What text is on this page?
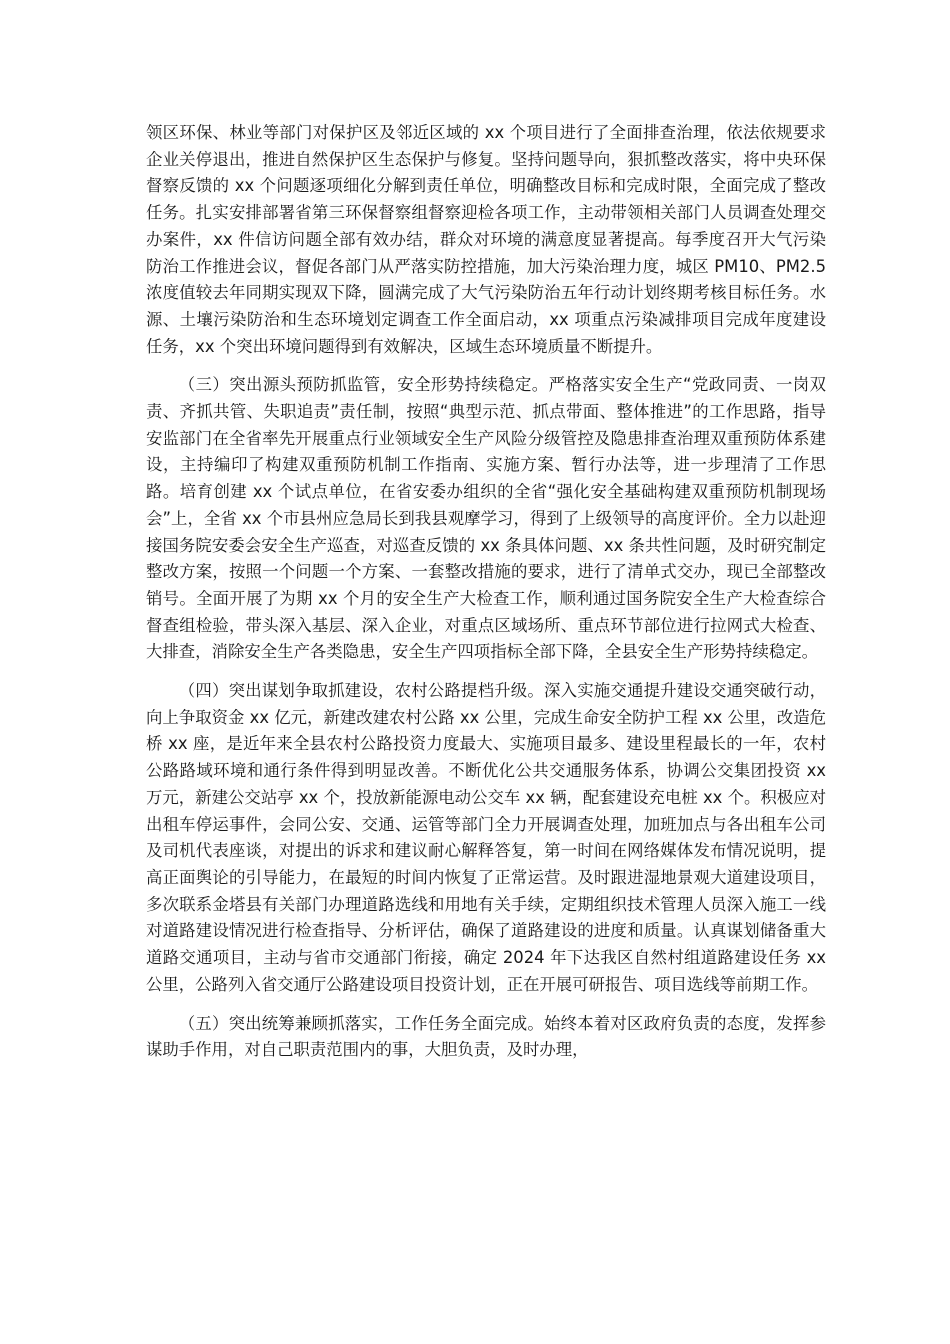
领区环保、林业等部门对保护区及邻近区域的 xx 个项目进行了全面排查治理，依法依规要求企业关停退出，推进自然保护区生态保护与修复。坚持问题导向，狠抓整改落实，将中央环保督察反馈的 xx 个问题逐项细化分解到责任单位，明确整改目标和完成时限，全面完成了整改任务。扎实安排部署省第三环保督察组督察迎检各项工作，主动带领相关部门人员调查处理交办案件，xx 件信访问题全部有效办结，群众对环境的满意度显著提高。每季度召开大气污染防治工作推进会议，督促各部门从严落实防控措施，加大污染治理力度，城区 PM10、PM2.5 浓度值较去年同期实现双下降，圆满完成了大气污染防治五年行动计划终期考核目标任务。水源、土壤污染防治和生态环境划定调查工作全面启动，xx 项重点污染减排项目完成年度建设任务，xx 个突出环境问题得到有效解决，区域生态环境质量不断提升。

（三）突出源头预防抓监管，安全形势持续稳定。严格落实安全生产“党政同责、一岗双责、齐抓共管、失职追责”责任制，按照“典型示范、抓点带面、整体推进”的工作思路，指导安监部门在全省率先开展重点行业领域安全生产风险分级管控及隐患排查治理双重预防体系建设，主持编印了构建双重预防机制工作指南、实施方案、暂行办法等，进一步理清了工作思路。培育创建 xx 个试点单位，在省安委办组织的全省“强化安全基础构建双重预防机制现场会”上，全省 xx 个市县州应急局长到我县观摩学习，得到了上级领导的高度评价。全力以赴迎接国务院安委会安全生产巡查，对巡查反馈的 xx 条具体问题、xx 条共性问题，及时研究制定整改方案，按照一个问题一个方案、一套整改措施的要求，进行了清单式交办，现已全部整改销号。全面开展了为期 xx 个月的安全生产大检查工作，顺利通过国务院安全生产大检查综合督查组检验，带头深入基层、深入企业，对重点区域场所、重点环节部位进行拉网式大检查、大排查，消除安全生产各类隐患，安全生产四项指标全部下降，全县安全生产形势持续稳定。

（四）突出谋划争取抓建设，农村公路提档升级。深入实施交通提升建设交通突破行动，向上争取资金 xx 亿元，新建改建农村公路 xx 公里，完成生命安全防护工程 xx 公里，改造危桥 xx 座，是近年来全县农村公路投资力度最大、实施项目最多、建设里程最长的一年，农村公路路域环境和通行条件得到明显改善。不断优化公共交通服务体系，协调公交集团投资 xx 万元，新建公交站亭 xx 个，投放新能源电动公交车 xx 辆，配套建设充电桩 xx 个。积极应对出租车停运事件，会同公安、交通、运管等部门全力开展调查处理，加班加点与各出租车公司及司机代表座谈，对提出的诉求和建议耐心解释答复，第一时间在网络媒体发布情况说明，提高正面舆论的引导能力，在最短的时间内恢复了正常运营。及时跟进湿地景观大道建设项目，多次联系金塔县有关部门办理道路选线和用地有关手续，定期组织技术管理人员深入施工一线对道路建设情况进行检查指导、分析评估，确保了道路建设的进度和质量。认真谋划储备重大道路交通项目，主动与省市交通部门衔接，确定 2024 年下达我区自然村组道路建设任务 xx 公里，公路列入省交通厅公路建设项目投资计划，正在开展可研报告、项目选线等前期工作。

（五）突出统筹兼顾抓落实，工作任务全面完成。始终本着对区政府负责的态度，发挥参谋助手作用，对自己职责范围内的事，大胆负责，及时办理，
